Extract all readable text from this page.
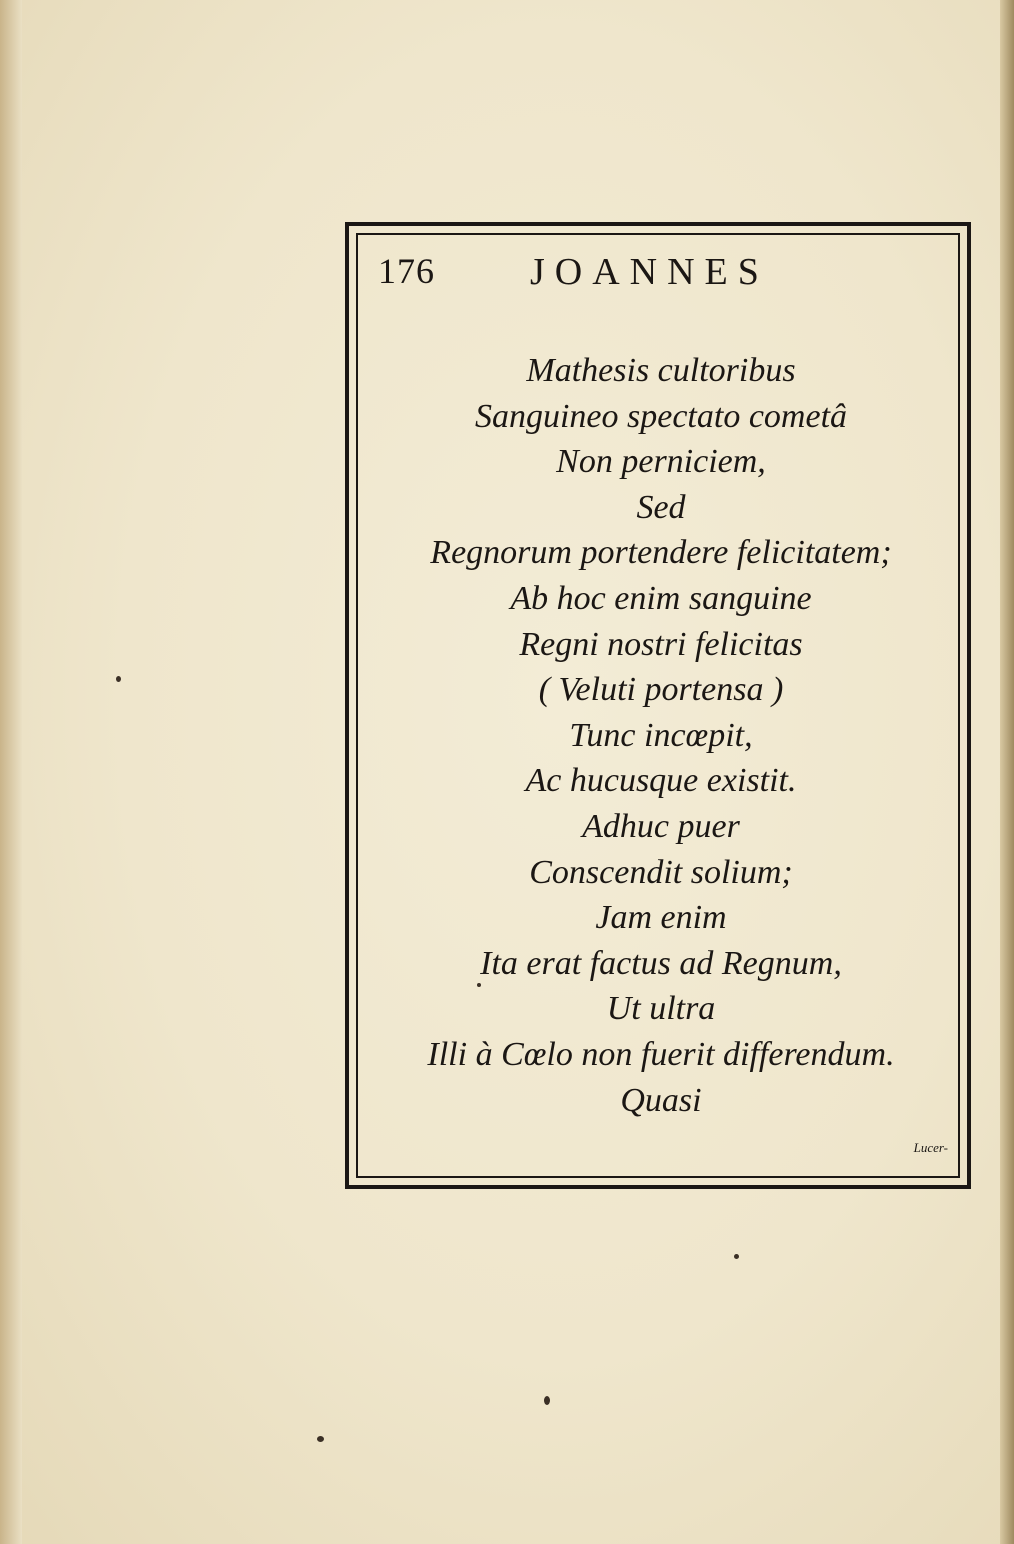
176	JOANNES
Mathesis cultoribus
Sanguineo spectato cometâ
Non perniciem,
Sed
Regnorum portendere felicitatem;
Ab hoc enim sanguine
Regni nostri felicitas
( Veluti portensa )
Tunc incœpit,
Ac hucusque existit.
Adhuc puer
Conscendit solium;
Jam enim
Ita erat factus ad Regnum,
Ut ultra
Illi à Cœlo non fuerit differendum.
Quasi
Lucer-
